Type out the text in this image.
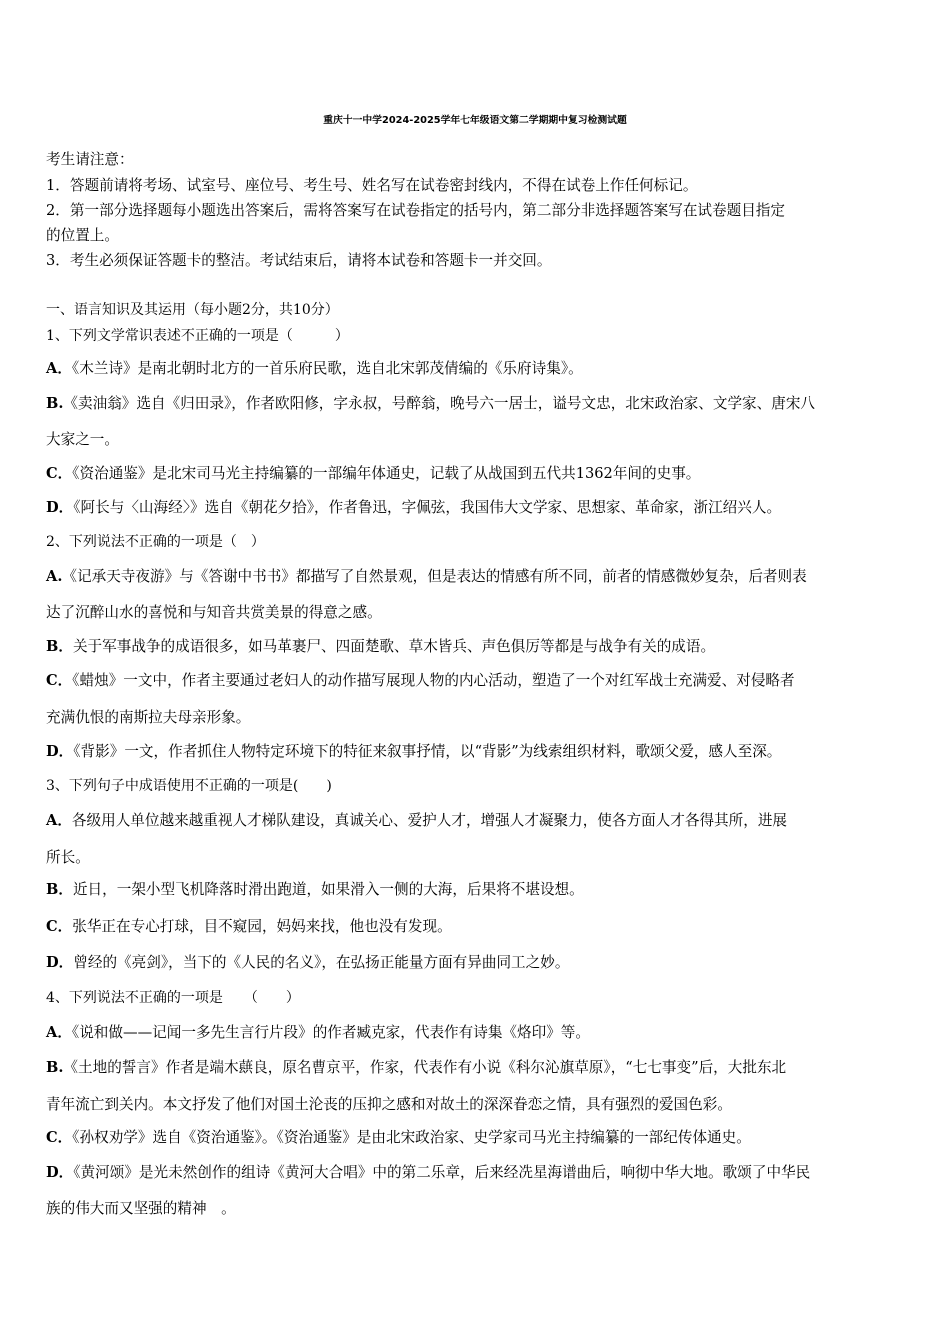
重庆十一中学2024-2025学年七年级语文第二学期期中复习检测试题
考生请注意：
1．答题前请将考场、试室号、座位号、考生号、姓名写在试卷密封线内，不得在试卷上作任何标记。
2．第一部分选择题每小题选出答案后，需将答案写在试卷指定的括号内，第二部分非选择题答案写在试卷题目指定
的位置上。
3．考生必须保证答题卡的整洁。考试结束后，请将本试卷和答题卡一并交回。
一、语言知识及其运用（每小题2分，共10分）
1、下列文学常识表述不正确的一项是（　　　）
A．《木兰诗》是南北朝时北方的一首乐府民歌，选自北宋郭茂倩编的《乐府诗集》。
B.《卖油翁》选自《归田录》，作者欧阳修，字永叔，号醉翁，晚号六一居士，谥号文忠，北宋政治家、文学家、唐宋八
大家之一。
C．《资治通鉴》是北宋司马光主持编纂的一部编年体通史，记载了从战国到五代共1362年间的史事。
D．《阿长与〈山海经〉》选自《朝花夕拾》，作者鲁迅，字佩弦，我国伟大文学家、思想家、革命家，浙江绍兴人。
2、下列说法不正确的一项是（　）
A.《记承天寺夜游》与《答谢中书书》都描写了自然景观，但是表达的情感有所不同，前者的情感微妙复杂，后者则表
达了沉醉山水的喜悦和与知音共赏美景的得意之感。
B．关于军事战争的成语很多，如马革裹尸、四面楚歌、草木皆兵、声色俱厉等都是与战争有关的成语。
C．《蜡烛》一文中，作者主要通过老妇人的动作描写展现人物的内心活动，塑造了一个对红军战士充满爱、对侵略者
充满仇恨的南斯拉夫母亲形象。
D．《背影》一文，作者抓住人物特定环境下的特征来叙事抒情，以“背影”为线索组织材料，歌颂父爱，感人至深。
3、下列句子中成语使用不正确的一项是(　　)
A．各级用人单位越来越重视人才梯队建设，真诚关心、爱护人才，增强人才凝聚力，使各方面人才各得其所，进展
所长。
B．近日，一架小型飞机降落时滑出跑道，如果滑入一侧的大海，后果将不堪设想。
C．张华正在专心打球，目不窥园，妈妈来找，他也没有发现。
D．曾经的《亮剑》，当下的《人民的名义》，在弘扬正能量方面有异曲同工之妙。
4、下列说法不正确的一项是　　（　　）
A．《说和做——记闻一多先生言行片段》的作者臧克家，代表作有诗集《烙印》等。
B.《土地的誓言》作者是端木蕻良，原名曹京平，作家，代表作有小说《科尔沁旗草原》，“七七事变”后，大批东北
青年流亡到关内。本文抒发了他们对国土沦丧的压抑之感和对故土的深深眷恋之情，具有强烈的爱国色彩。
C．《孙权劝学》选自《资治通鉴》。《资治通鉴》是由北宋政治家、史学家司马光主持编纂的一部纪传体通史。
D．《黄河颂》是光未然创作的组诗《黄河大合唱》中的第二乐章，后来经冼星海谱曲后，响彻中华大地。歌颂了中华民
族的伟大而又坚强的精神　。
